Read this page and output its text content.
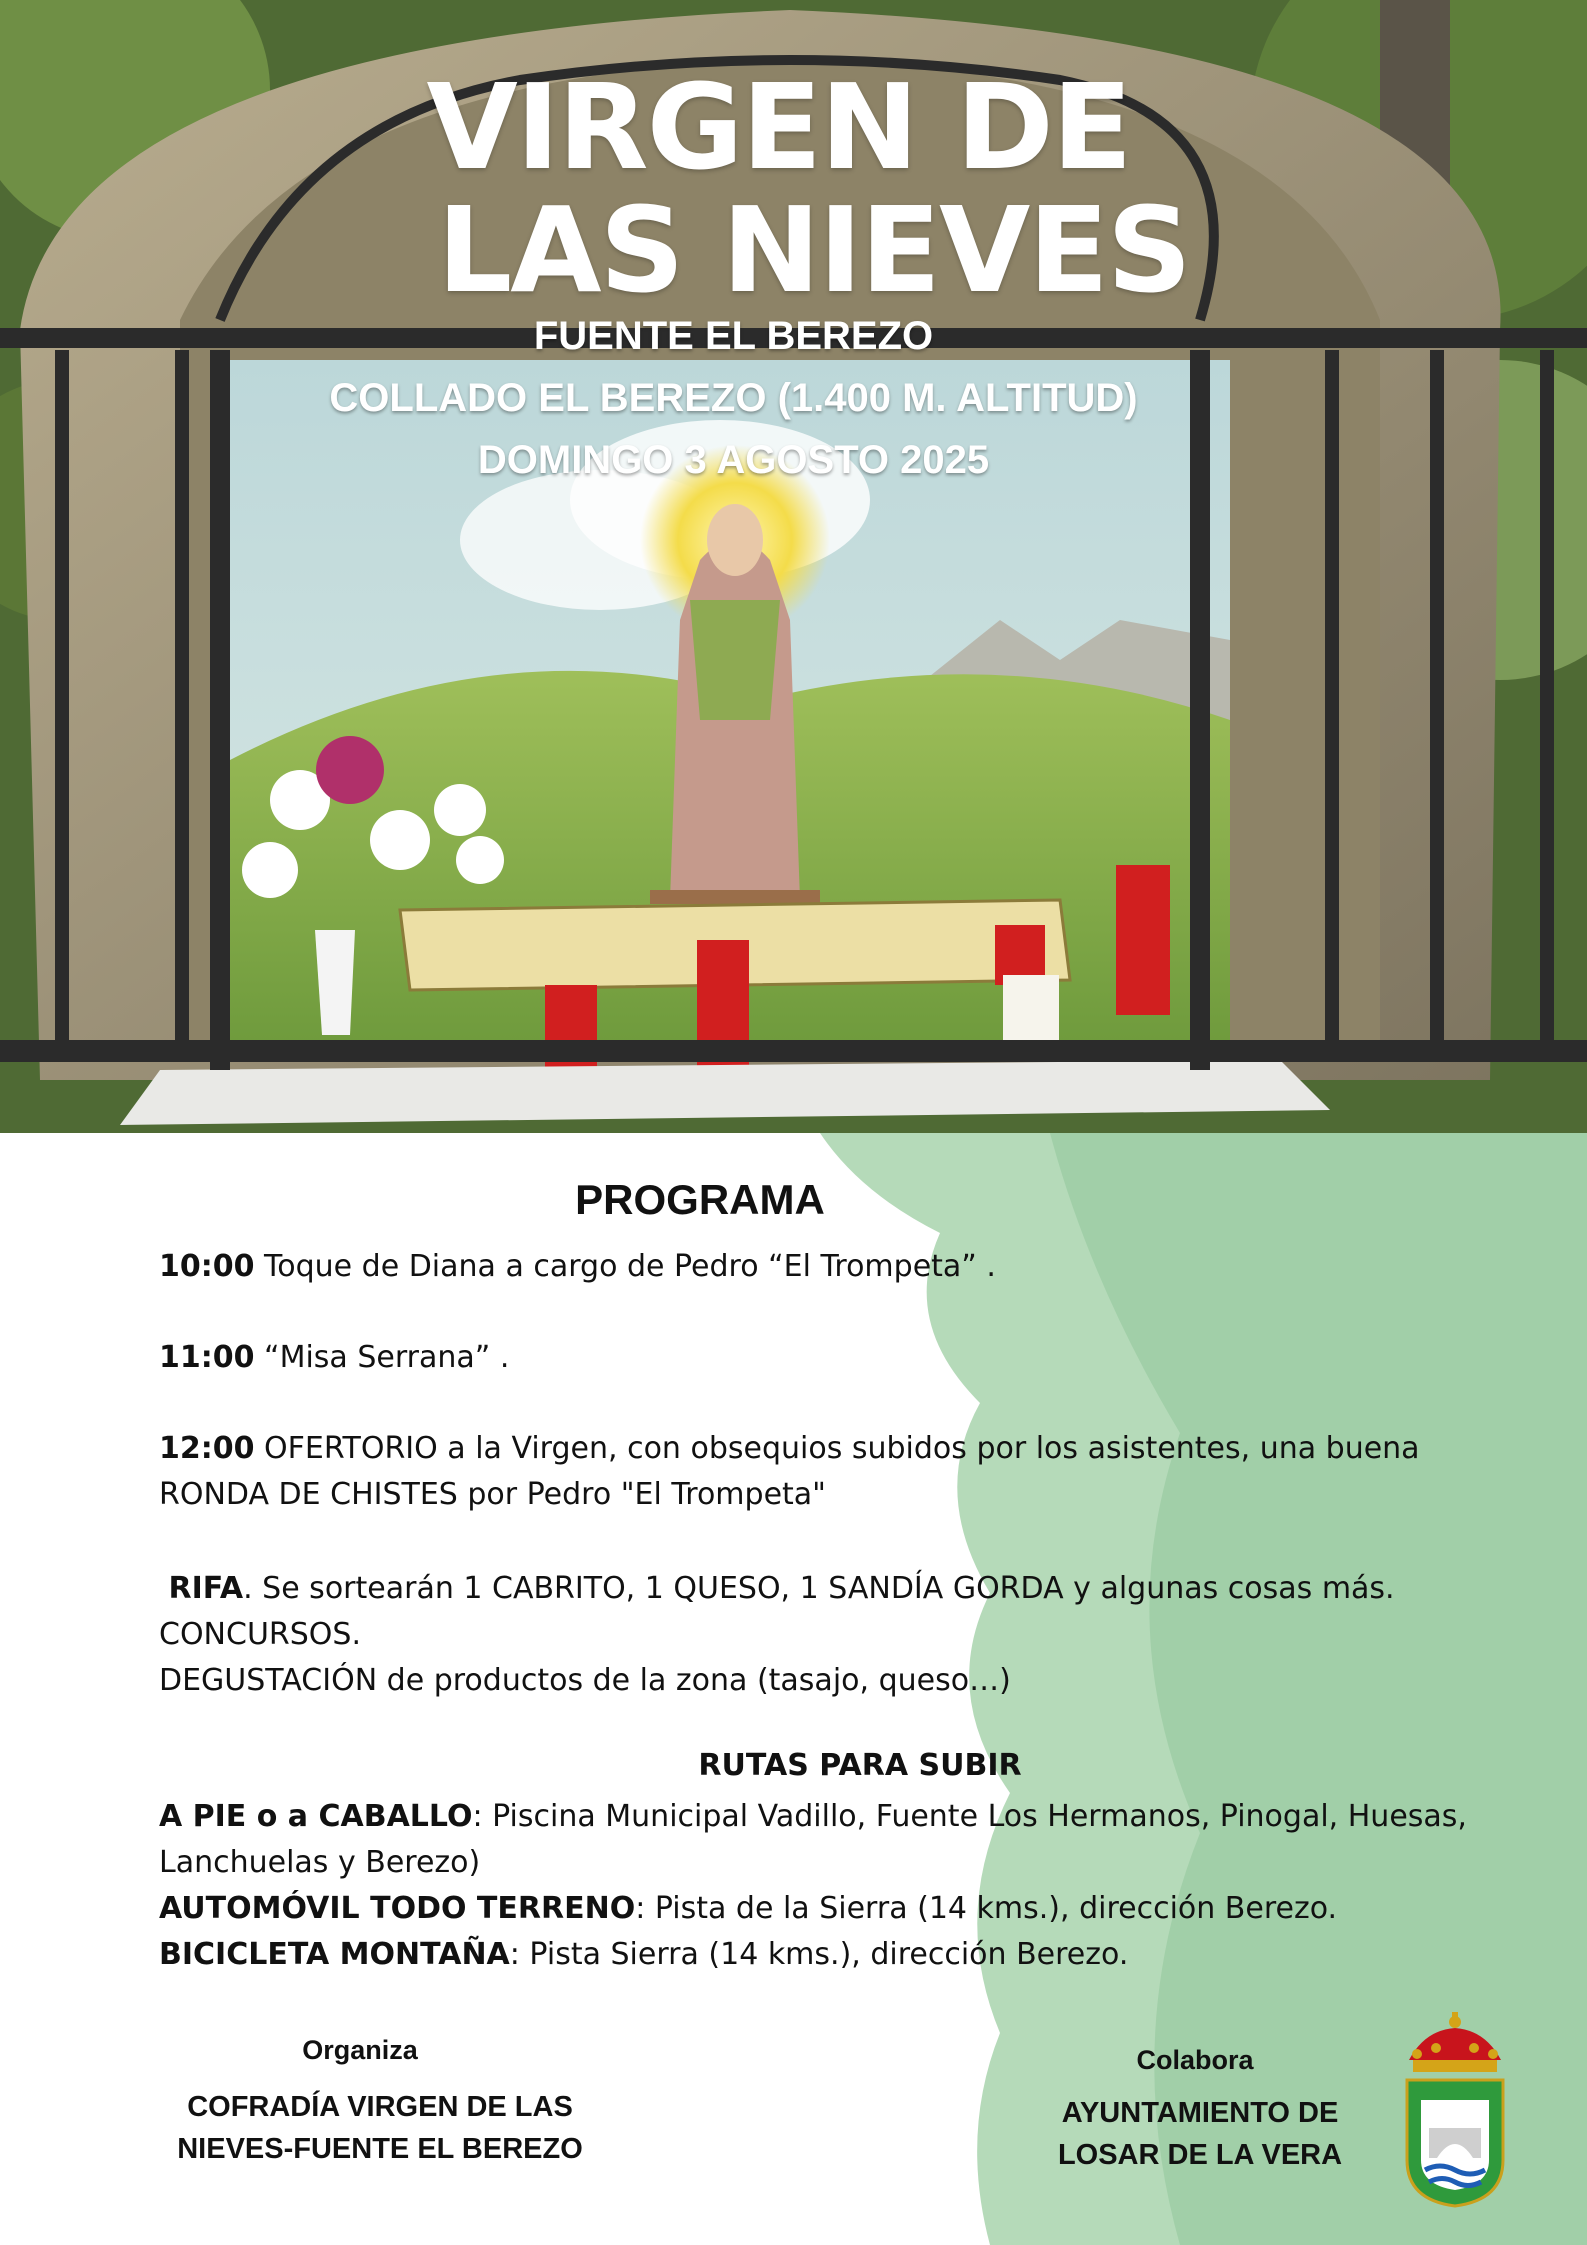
VIRGEN DE
LAS NIEVES
FUENTE EL BEREZO
COLLADO EL BEREZO (1.400 M. ALTITUD)
DOMINGO 3 AGOSTO 2025
PROGRAMA
10:00 Toque de Diana a cargo de Pedro “El Trompeta” .
11:00 “Misa Serrana” .
12:00 OFERTORIO a la Virgen, con obsequios subidos por los asistentes, una buena RONDA DE CHISTES por Pedro "El Trompeta"
RIFA. Se sortearán 1 CABRITO, 1 QUESO, 1 SANDÍA GORDA y algunas cosas más.
CONCURSOS.
DEGUSTACIÓN de productos de la zona (tasajo, queso…)
RUTAS PARA SUBIR
A PIE o a CABALLO: Piscina Municipal Vadillo, Fuente Los Hermanos, Pinogal, Huesas, Lanchuelas y Berezo)
AUTOMÓVIL TODO TERRENO: Pista de la Sierra (14 kms.), dirección Berezo.
BICICLETA MONTAÑA: Pista Sierra (14 kms.), dirección Berezo.
Organiza
COFRADÍA VIRGEN DE LAS NIEVES-FUENTE EL BEREZO
Colabora
AYUNTAMIENTO DE LOSAR DE LA VERA
